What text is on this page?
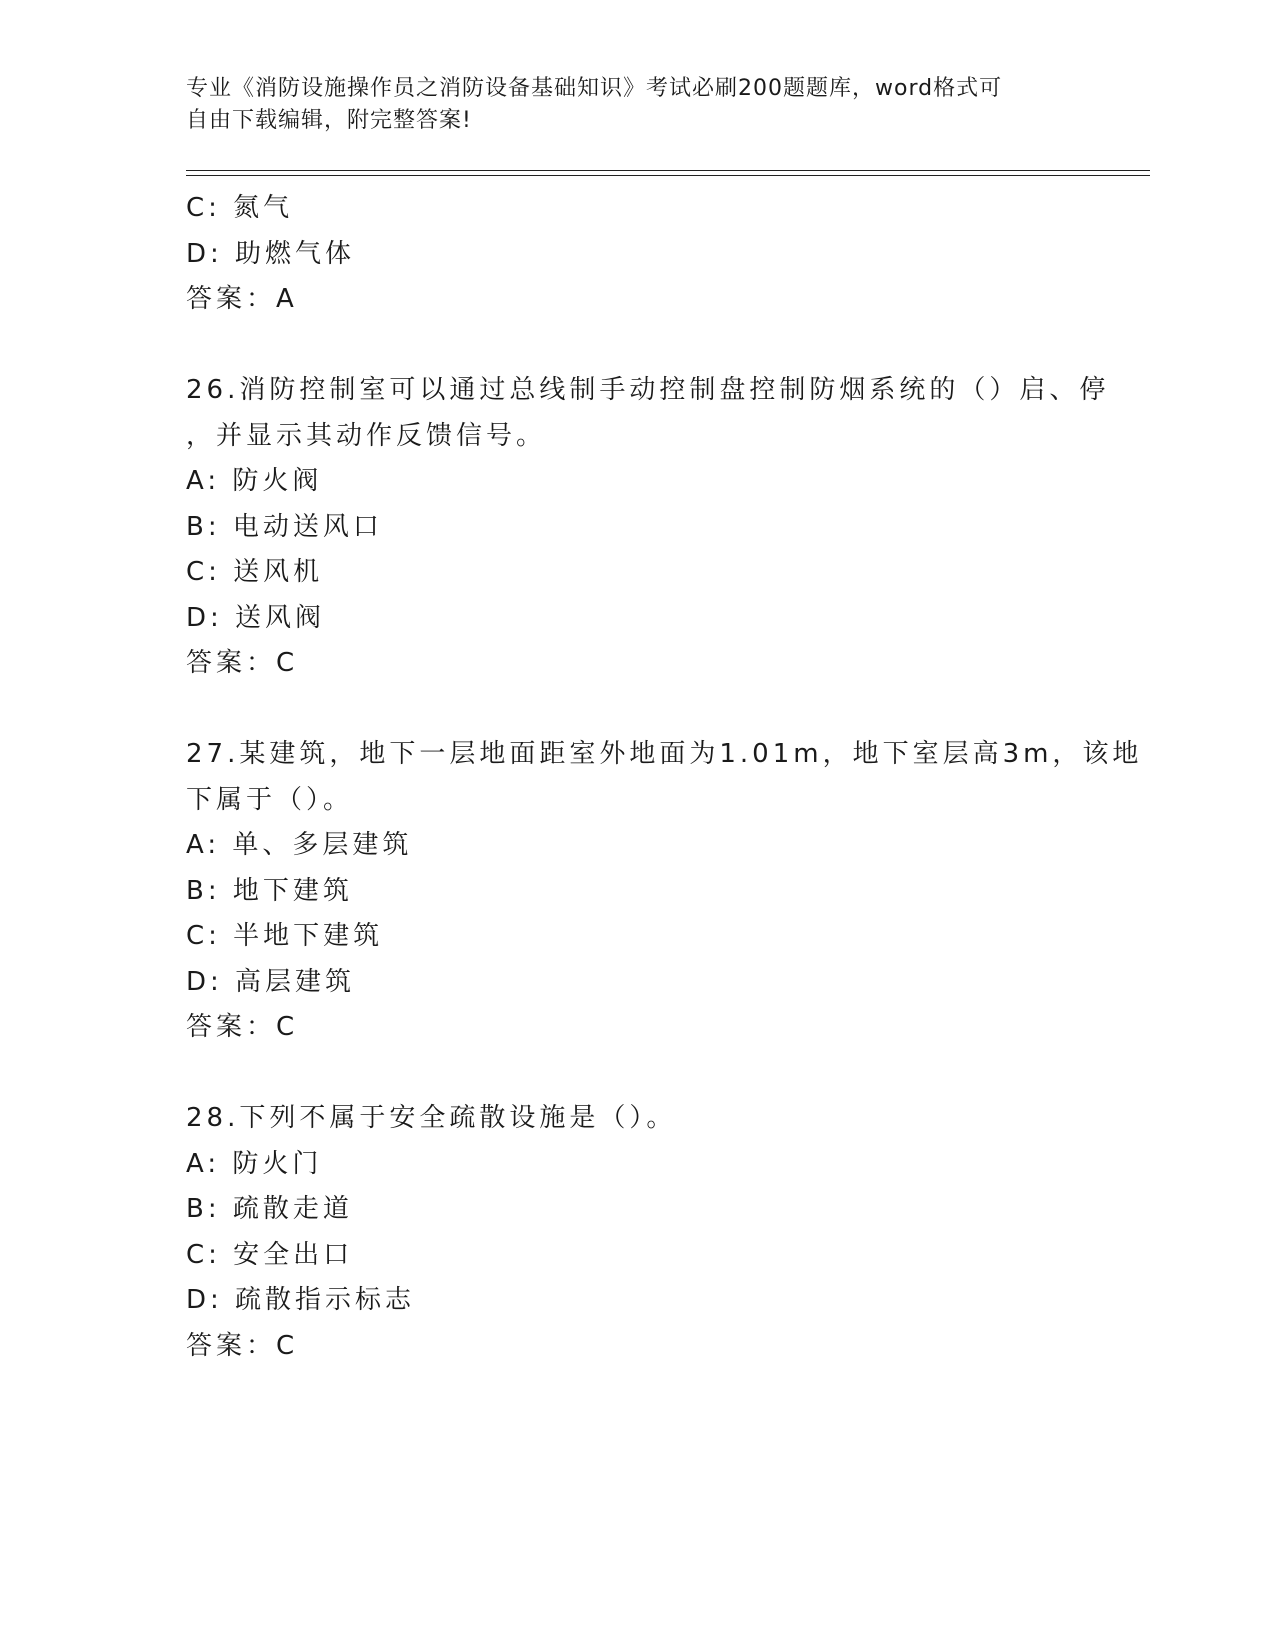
专业《消防设施操作员之消防设备基础知识》考试必刷200题题库，word格式可
自由下载编辑，附完整答案!
C: 氮气
D: 助燃气体
答案：A
26.消防控制室可以通过总线制手动控制盘控制防烟系统的（）启、停
，并显示其动作反馈信号。
A: 防火阀
B: 电动送风口
C: 送风机
D: 送风阀
答案：C
27.某建筑，地下一层地面距室外地面为1.01m，地下室层高3m，该地
下属于（）。
A: 单、多层建筑
B: 地下建筑
C: 半地下建筑
D: 高层建筑
答案：C
28.下列不属于安全疏散设施是（）。
A: 防火门
B: 疏散走道
C: 安全出口
D: 疏散指示标志
答案：C
